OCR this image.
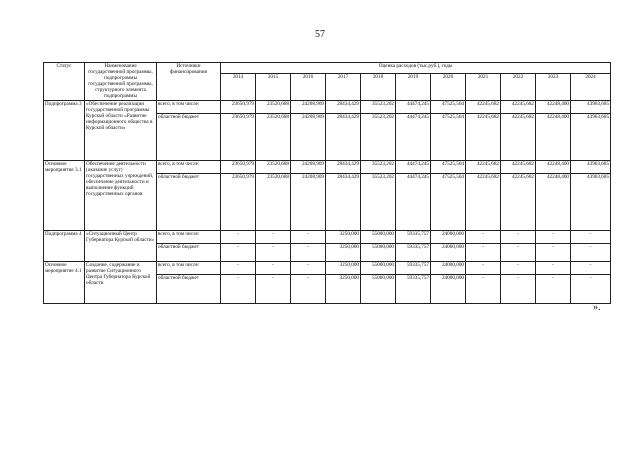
57
Статус	Наименование государственной программы, подпрограммы государственной программы, структурного элемента подпрограммы	Источники финансирования	Оценка расходов (тыс.руб.), годы										
			2014	2015	2016	2017	2018	2019	2020	2021	2022	2023	2024
Подпрограмма 3	«Обеспечение реализации государственной программы Курской области «Развитие информационного общества в Курской области»	всего, в том числе:	23650,979	23520,688	24208,909	28434,429	35523,202	44474,245	47525,504	42245,682	42245,682	42248,400	43963,685
		областной бюджет	23650,979	23520,688	24208,909	28434,429	35523,202	44474,245	47525,504	42245,682	42245,682	42248,400	43963,685
Основное мероприятие 3.1	Обеспечение деятельности (оказание услуг) государственных учреждений, обеспечение деятельности и выполнение функций государственных органов	всего, в том числе:	23650,979	23520,688	24208,909	28434,429	35523,202	44474,245	47525,504	42245,682	42245,682	42248,400	43963,685
		областной бюджет	23650,979	23520,688	24208,909	28434,429	35523,202	44474,245	47525,504	42245,682	42245,682	42248,400	43963,685
Подпрограмма 4	«Ситуационный Центр Губернатора Курской области»	всего, в том числе:	-	-	-	3250,000	55000,000	59335,757	24000,000	-	-	-	-
		областной бюджет	-	-	-	3250,000	55000,000	59335,757	24000,000	-	-	-	-
Основное мероприятие 4.1	Создание, содержание и развитие Ситуационного Центра Губернатора Курской области	всего, в том числе:	-	-	-	3250,000	55000,000	59335,757	24000,000	-	-	-	-
		областной бюджет	-	-	-	3250,000	55000,000	59335,757	24000,000	-	-	-	-
».
